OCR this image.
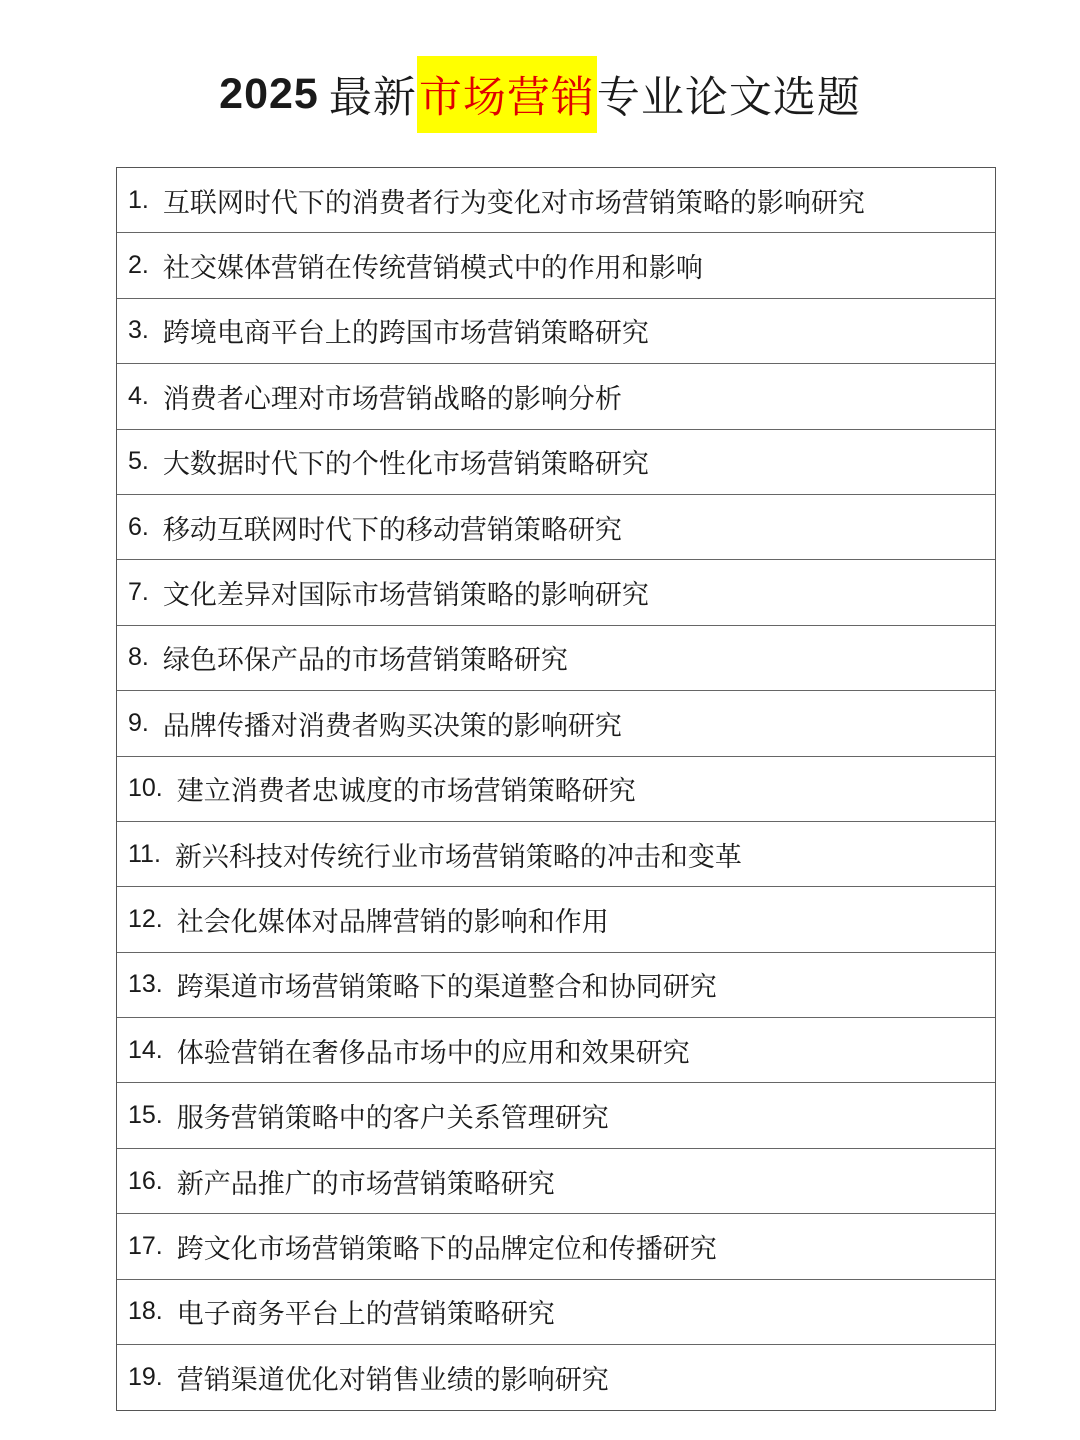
2025 最新 市场营销 专业论文选题
1. 互联网时代下的消费者行为变化对市场营销策略的影响研究
2. 社交媒体营销在传统营销模式中的作用和影响
3. 跨境电商平台上的跨国市场营销策略研究
4. 消费者心理对市场营销战略的影响分析
5. 大数据时代下的个性化市场营销策略研究
6. 移动互联网时代下的移动营销策略研究
7. 文化差异对国际市场营销策略的影响研究
8. 绿色环保产品的市场营销策略研究
9. 品牌传播对消费者购买决策的影响研究
10. 建立消费者忠诚度的市场营销策略研究
11. 新兴科技对传统行业市场营销策略的冲击和变革
12. 社会化媒体对品牌营销的影响和作用
13. 跨渠道市场营销策略下的渠道整合和协同研究
14. 体验营销在奢侈品市场中的应用和效果研究
15. 服务营销策略中的客户关系管理研究
16. 新产品推广的市场营销策略研究
17. 跨文化市场营销策略下的品牌定位和传播研究
18. 电子商务平台上的营销策略研究
19. 营销渠道优化对销售业绩的影响研究
